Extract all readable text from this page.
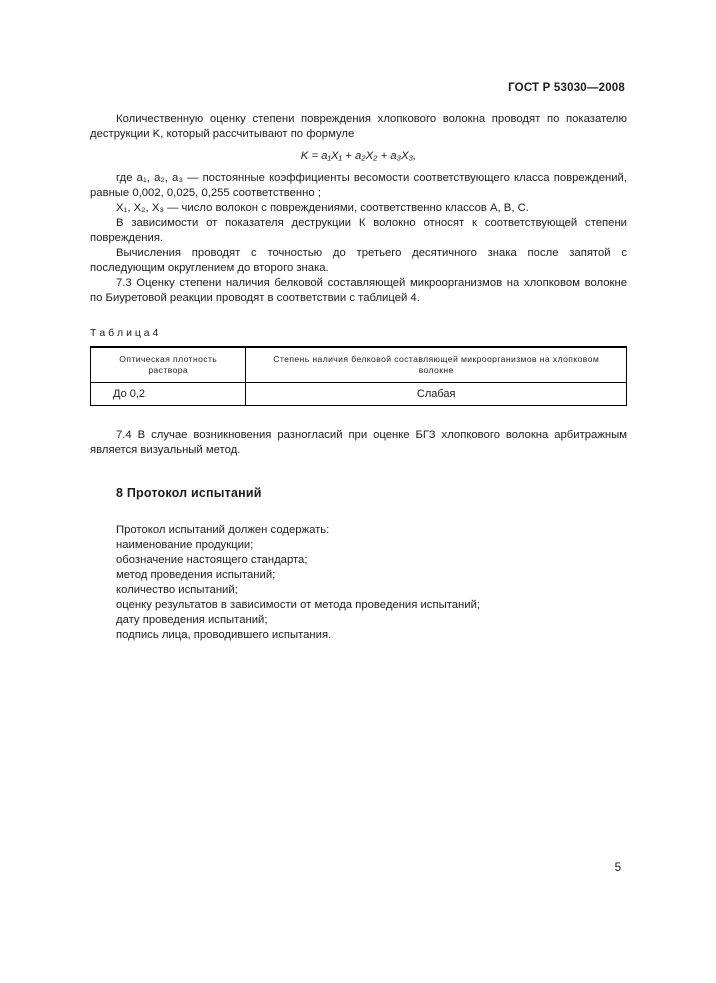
ГОСТ Р 53030—2008

Количественную оценку степени повреждения хлопкового волокна проводят по показателю деструкции K, который рассчитывают по формуле

K = a₁X₁ + a₂X₂ + a₃X₃,

где a₁, a₂, a₃ — постоянные коэффициенты весомости соответствующего класса повреждений, равные 0,002, 0,025, 0,255 соответственно ;

X₁, X₂, X₃ — число волокон с повреждениями, соответственно классов А, В, С.

В зависимости от показателя деструкции К волокно относят к соответствующей степени повреждения.

Вычисления проводят с точностью до третьего десятичного знака после запятой с последующим округлением до второго знака.

7.3 Оценку степени наличия белковой составляющей микроорганизмов на хлопковом волокне по Биуретовой реакции проводят в соответствии с таблицей 4.

Т а б л и ц а 4

Оптическая плотность раствора	Степень наличия белковой составляющей микроорганизмов на хлопковом волокне
До 0,2	Слабая

7.4 В случае возникновения разногласий при оценке БГЗ хлопкового волокна арбитражным является визуальный метод.

8 Протокол испытаний

Протокол испытаний должен содержать:

наименование продукции;

обозначение настоящего стандарта;

метод проведения испытаний;

количество испытаний;

оценку результатов в зависимости от метода проведения испытаний;

дату проведения испытаний;

подпись лица, проводившего испытания.

5
